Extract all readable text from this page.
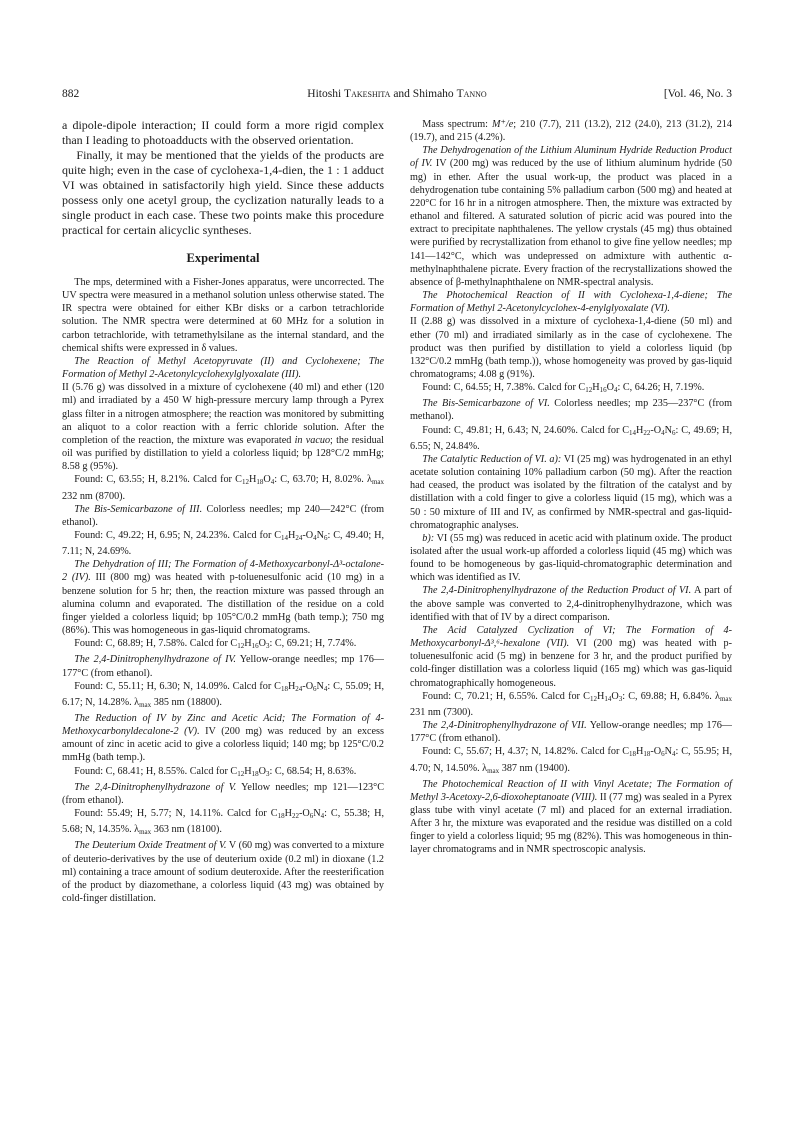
882	Hitoshi Takeshita and Shimaho Tanno	[Vol. 46, No. 3

a dipole-dipole interaction; II could form a more rigid complex than I leading to photoadducts with the observed orientation.

Finally, it may be mentioned that the yields of the products are quite high; even in the case of cyclohexa-1,4-dien, the 1 : 1 adduct VI was obtained in satisfactorily high yield. Since these adducts possess only one acetyl group, the cyclization naturally leads to a single product in each case. These two points make this procedure practical for certain alicyclic syntheses.

Experimental

The mps, determined with a Fisher-Jones apparatus, were uncorrected. The UV spectra were measured in a methanol solution unless otherwise stated. The IR spectra were obtained for either KBr disks or a carbon tetrachloride solution. The NMR spectra were determined at 60 MHz for a solution in carbon tetrachloride, with tetramethylsilane as the internal standard, and the chemical shifts were expressed in δ values.

The Reaction of Methyl Acetopyruvate (II) and Cyclohexene; The Formation of Methyl 2-Acetonylcyclohexylglyoxalate (III).

II (5.76 g) was dissolved in a mixture of cyclohexene (40 ml) and ether (120 ml) and irradiated by a 450 W high-pressure mercury lamp through a Pyrex glass filter in a nitrogen atmosphere; the reaction was monitored by submitting an aliquot to a color reaction with a ferric chloride solution. After the completion of the reaction, the mixture was evaporated in vacuo; the residual oil was purified by distillation to yield a colorless liquid; bp 128°C/2 mmHg; 8.58 g (95%).

Found: C, 63.55; H, 8.21%. Calcd for $C_{12}H_{18}O_4$: C, 63.70; H, 8.02%. $\lambda_{max}$ 232 nm (8700).

The Bis-Semicarbazone of III. Colorless needles; mp 240—242°C (from ethanol).

Found: C, 49.22; H, 6.95; N, 24.23%. Calcd for $C_{14}H_{24}-O_4N_6$: C, 49.40; H, 7.11; N, 24.69%.

The Dehydration of III; The Formation of 4-Methoxycarbonyl-Δ³-octalone-2 (IV). III (800 mg) was heated with p-toluenesulfonic acid (10 mg) in a benzene solution for 5 hr; then, the reaction mixture was passed through an alumina column and evaporated. The distillation of the residue on a cold finger yielded a colorless liquid; bp 105°C/0.2 mmHg (bath temp.); 750 mg (86%). This was homogeneous in gas-liquid chromatograms.

Found: C, 68.89; H, 7.58%. Calcd for $C_{12}H_{16}O_3$: C, 69.21; H, 7.74%.

The 2,4-Dinitrophenylhydrazone of IV. Yellow-orange needles; mp 176—177°C (from ethanol).

Found: C, 55.11; H, 6.30; N, 14.09%. Calcd for $C_{18}H_{24}-O_6N_4$: C, 55.09; H, 6.17; N, 14.28%. $\lambda_{max}$ 385 nm (18800).

The Reduction of IV by Zinc and Acetic Acid; The Formation of 4-Methoxycarbonyldecalone-2 (V). IV (200 mg) was reduced by an excess amount of zinc in acetic acid to give a colorless liquid; 140 mg; bp 125°C/0.2 mmHg (bath temp.).

Found: C, 68.41; H, 8.55%. Calcd for $C_{12}H_{18}O_3$: C, 68.54; H, 8.63%.

The 2,4-Dinitrophenylhydrazone of V. Yellow needles; mp 121—123°C (from ethanol).

Found: 55.49; H, 5.77; N, 14.11%. Calcd for $C_{18}H_{22}-O_6N_4$: C, 55.38; H, 5.68; N, 14.35%. $\lambda_{max}$ 363 nm (18100).

The Deuterium Oxide Treatment of V. V (60 mg) was converted to a mixture of deuterio-derivatives by the use of deuterium oxide (0.2 ml) in dioxane (1.2 ml) containing a trace amount of sodium deuteroxide. After the reesterification of the product by diazomethane, a colorless liquid (43 mg) was obtained by cold-finger distillation.

Mass spectrum: M⁺/e; 210 (7.7), 211 (13.2), 212 (24.0), 213 (31.2), 214 (19.7), and 215 (4.2%).

The Dehydrogenation of the Lithium Aluminum Hydride Reduction Product of IV. IV (200 mg) was reduced by the use of lithium aluminum hydride (50 mg) in ether. After the usual work-up, the product was placed in a dehydrogenation tube containing 5% palladium carbon (500 mg) and heated at 220°C for 16 hr in a nitrogen atmosphere. Then, the mixture was extracted by ethanol and filtered. A saturated solution of picric acid was poured into the extract to precipitate naphthalenes. The yellow crystals (45 mg) thus obtained were purified by recrystallization from ethanol to give fine yellow needles; mp 141—142°C, which was undepressed on admixture with authentic α-methylnaphthalene picrate. Every fraction of the recrystallizations showed the absence of β-methylnaphthalene on NMR-spectral analysis.

The Photochemical Reaction of II with Cyclohexa-1,4-diene; The Formation of Methyl 2-Acetonylcyclohex-4-enylglyoxalate (VI).

II (2.88 g) was dissolved in a mixture of cyclohexa-1,4-diene (50 ml) and ether (70 ml) and irradiated similarly as in the case of cyclohexene. The product was then purified by distillation to yield a colorless liquid (bp 132°C/0.2 mmHg (bath temp.)), whose homogeneity was proved by gas-liquid chromatograms; 4.08 g (91%).

Found: C, 64.55; H, 7.38%. Calcd for $C_{12}H_{16}O_4$: C, 64.26; H, 7.19%.

The Bis-Semicarbazone of VI. Colorless needles; mp 235—237°C (from methanol).

Found: C, 49.81; H, 6.43; N, 24.60%. Calcd for $C_{14}H_{22}-O_4N_6$: C, 49.69; H, 6.55; N, 24.84%.

The Catalytic Reduction of VI. a): VI (25 mg) was hydrogenated in an ethyl acetate solution containing 10% palladium carbon (50 mg). After the reaction had ceased, the product was isolated by the filtration of the catalyst and by distillation with a cold finger to give a colorless liquid (15 mg), which was a 50 : 50 mixture of III and IV, as confirmed by NMR-spectral and gas-liquid-chromatographic analyses.

b): VI (55 mg) was reduced in acetic acid with platinum oxide. The product isolated after the usual work-up afforded a colorless liquid (45 mg) which was found to be homogeneous by gas-liquid-chromatographic determination and which was identified as IV.

The 2,4-Dinitrophenylhydrazone of the Reduction Product of VI. A part of the above sample was converted to 2,4-dinitrophenylhydrazone, which was identified with that of IV by a direct comparison.

The Acid Catalyzed Cyclization of VI; The Formation of 4-Methoxycarbonyl-Δ³,⁶-hexalone (VII). VI (200 mg) was heated with p-toluenesulfonic acid (5 mg) in benzene for 3 hr, and the product purified by cold-finger distillation was a colorless liquid (165 mg) which was gas-liquid chromatographically homogeneous.

Found: C, 70.21; H, 6.55%. Calcd for $C_{12}H_{14}O_3$: C, 69.88; H, 6.84%. $\lambda_{max}$ 231 nm (7300).

The 2,4-Dinitrophenylhydrazone of VII. Yellow-orange needles; mp 176—177°C (from ethanol).

Found: C, 55.67; H, 4.37; N, 14.82%. Calcd for $C_{18}H_{18}-O_6N_4$: C, 55.95; H, 4.70; N, 14.50%. $\lambda_{max}$ 387 nm (19400).

The Photochemical Reaction of II with Vinyl Acetate; The Formation of Methyl 3-Acetoxy-2,6-dioxoheptanoate (VIII). II (77 mg) was sealed in a Pyrex glass tube with vinyl acetate (7 ml) and placed for an external irradiation. After 3 hr, the mixture was evaporated and the residue was distilled on a cold finger to yield a colorless liquid; 95 mg (82%). This was homogeneous in thin-layer chromatograms and in NMR spectroscopic analysis.
